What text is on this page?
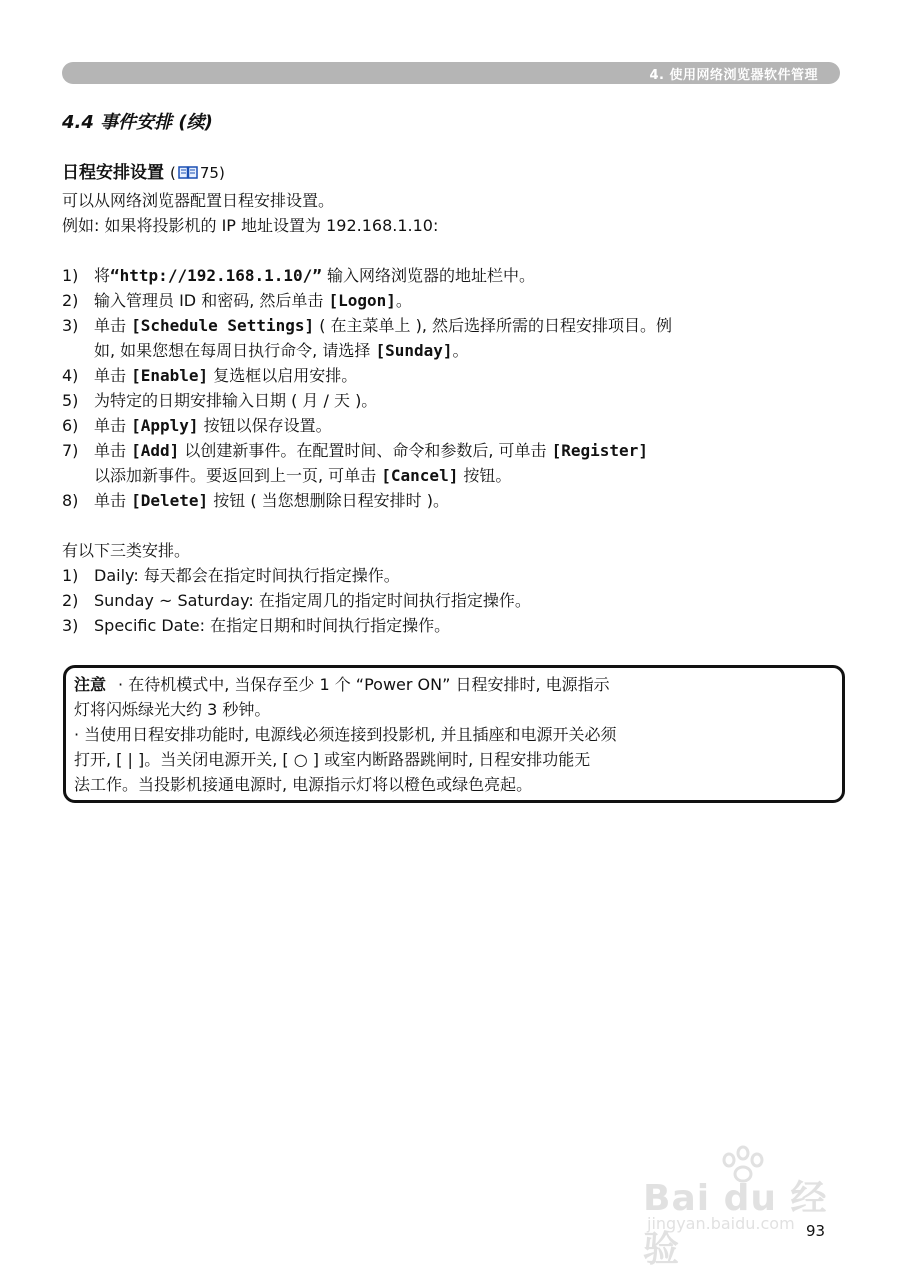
4. 使用网络浏览器软件管理
4.4 事件安排 (续)
日程安排设置 ( 75)
可以从网络浏览器配置日程安排设置。
例如: 如果将投影机的 IP 地址设置为 192.168.1.10:
1) 将“http://192.168.1.10/” 输入网络浏览器的地址栏中。
2) 输入管理员 ID 和密码, 然后单击 [Logon]。
3) 单击 [Schedule Settings] ( 在主菜单上 ), 然后选择所需的日程安排项目。例
如, 如果您想在每周日执行命令, 请选择 [Sunday]。
4) 单击 [Enable] 复选框以启用安排。
5) 为特定的日期安排输入日期 ( 月 / 天 )。
6) 单击 [Apply] 按钮以保存设置。
7) 单击 [Add] 以创建新事件。在配置时间、命令和参数后, 可单击 [Register]
以添加新事件。要返回到上一页, 可单击 [Cancel] 按钮。
8) 单击 [Delete] 按钮 ( 当您想删除日程安排时 )。
有以下三类安排。
1) Daily: 每天都会在指定时间执行指定操作。
2) Sunday ~ Saturday: 在指定周几的指定时间执行指定操作。
3) Specific Date: 在指定日期和时间执行指定操作。
注意 · 在待机模式中, 当保存至少 1 个 “Power ON” 日程安排时, 电源指示
灯将闪烁绿光大约 3 秒钟。
· 当使用日程安排功能时, 电源线必须连接到投影机, 并且插座和电源开关必须
打开, [ | ]。当关闭电源开关, [ ○ ] 或室内断路器跳闸时, 日程安排功能无
法工作。当投影机接通电源时, 电源指示灯将以橙色或绿色亮起。
Bai du 经验
jingyan.baidu.com 93
